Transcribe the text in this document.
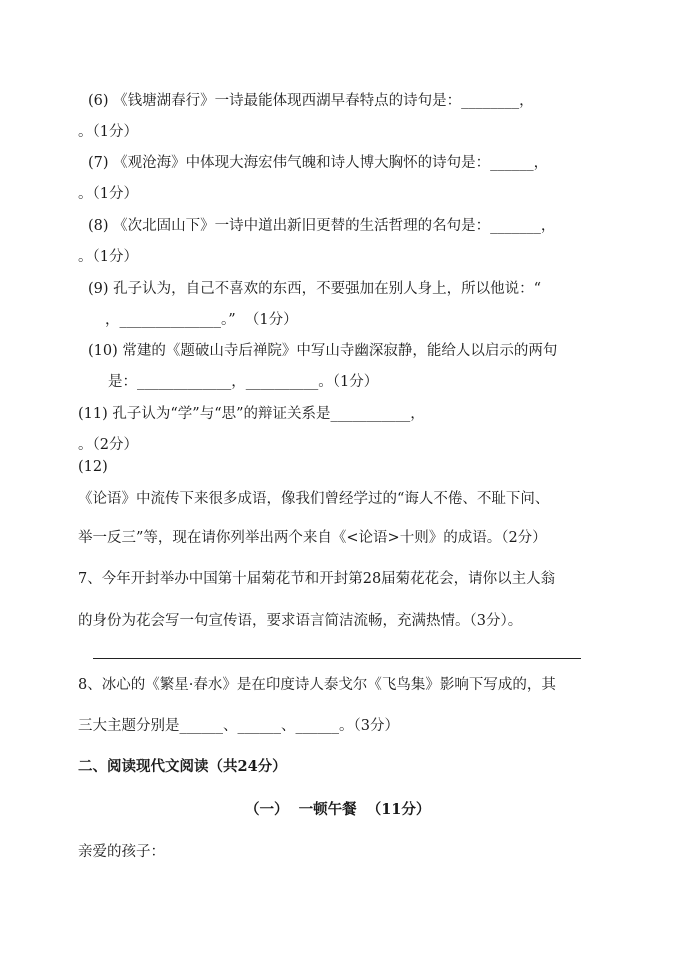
(6) 《钱塘湖春行》一诗最能体现西湖早春特点的诗句是：________，
。（1分）
(7) 《观沧海》中体现大海宏伟气魄和诗人博大胸怀的诗句是：______，
。（1分）
(8) 《次北固山下》一诗中道出新旧更替的生活哲理的名句是：_______，
。（1分）
(9) 孔子认为，自己不喜欢的东西，不要强加在别人身上，所以他说：“
，______________。”  （1分）
(10) 常建的《题破山寺后禅院》中写山寺幽深寂静，能给人以启示的两句
是：_____________，__________。（1分）
(11) 孔子认为“学”与“思”的辩证关系是___________，
。（2分）
(12)
《论语》中流传下来很多成语，像我们曾经学过的“诲人不倦、不耻下问、
举一反三”等，现在请你列举出两个来自《<论语>十则》的成语。（2分）
7、今年开封举办中国第十届菊花节和开封第28届菊花花会，请你以主人翁
的身份为花会写一句宣传语，要求语言简洁流畅，充满热情。（3分）。
8、冰心的《繁星·春水》是在印度诗人泰戈尔《飞鸟集》影响下写成的，其
三大主题分别是______、______、______。（3分）
二、阅读现代文阅读（共24分）
（一）  一顿午餐  （11分）
亲爱的孩子：
